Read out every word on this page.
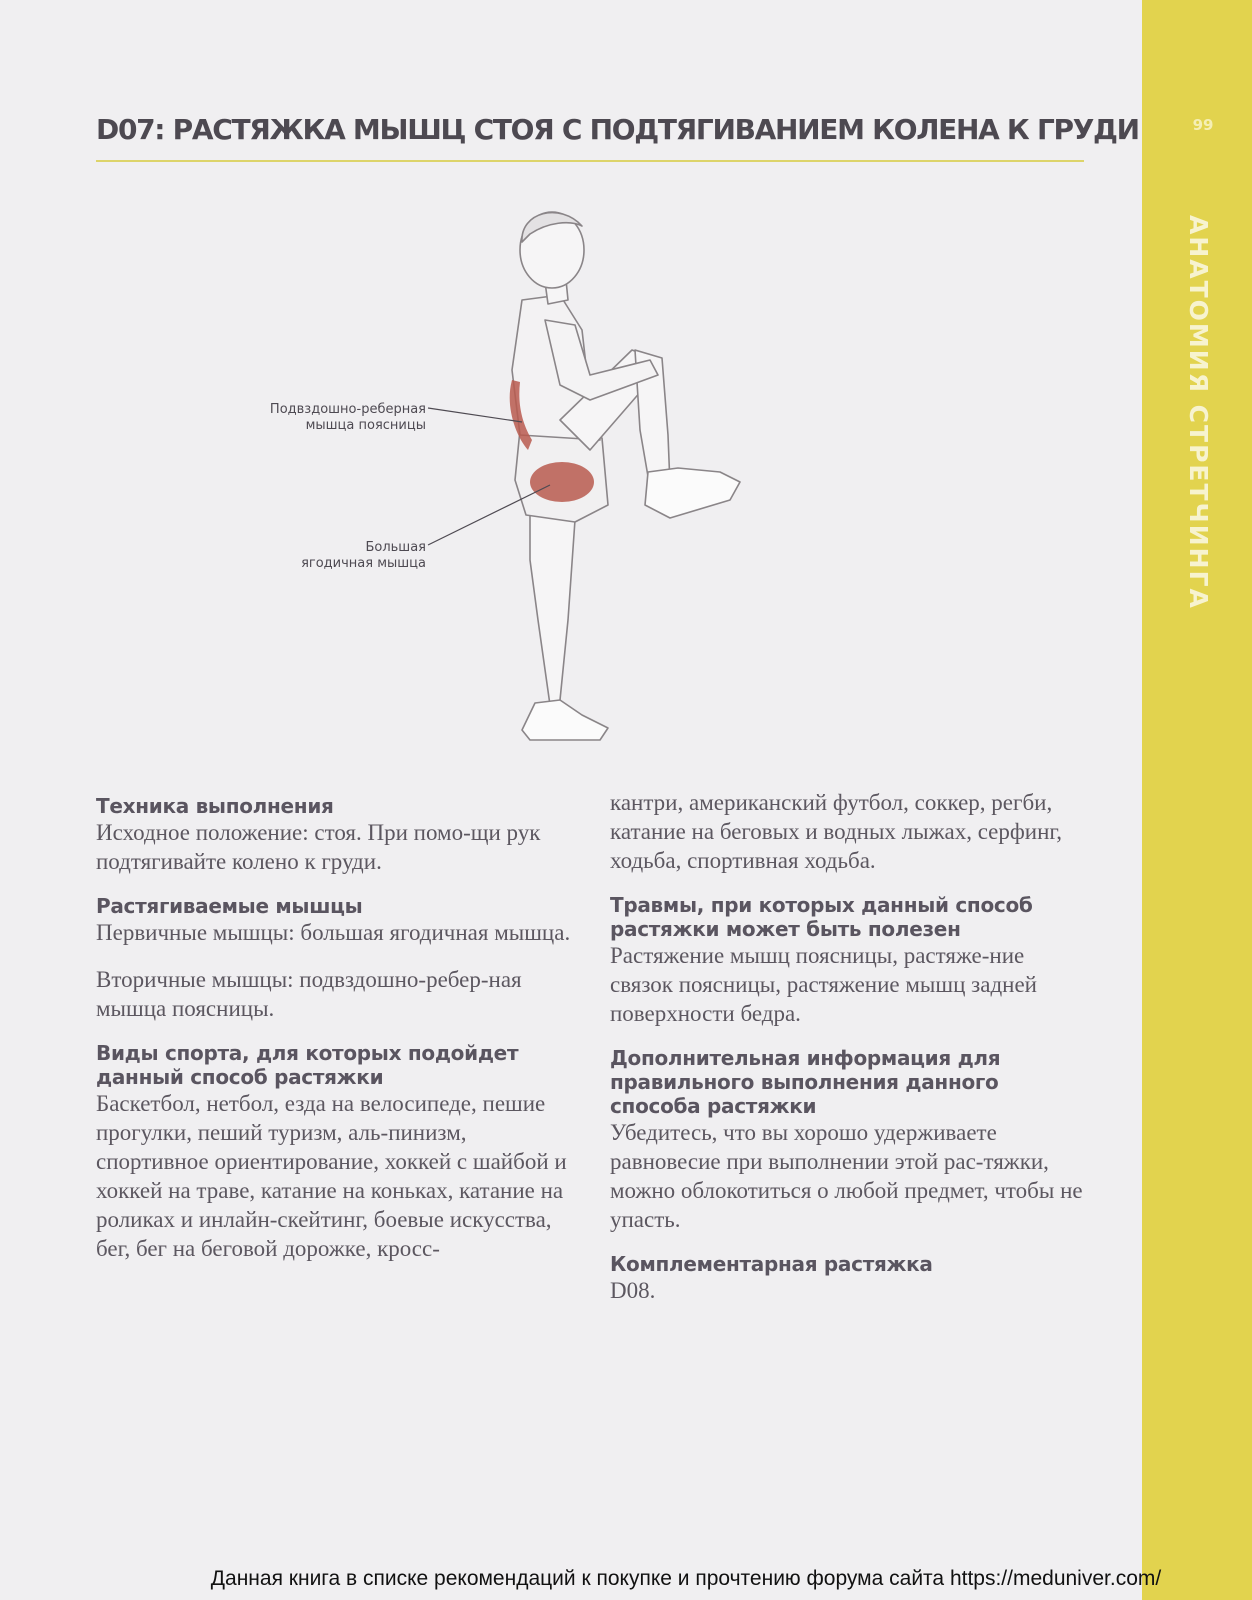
99
АНАТОМИЯ СТРЕТЧИНГА
D07: РАСТЯЖКА МЫШЦ СТОЯ С ПОДТЯГИВАНИЕМ КОЛЕНА К ГРУДИ
Подвздошно-реберная
мышца поясницы
Большая
ягодичная мышца
Техника выполнения

Исходное положение: стоя. При помо-щи рук подтягивайте колено к груди.

Растягиваемые мышцы

Первичные мышцы: большая ягодичная мышца.

Вторичные мышцы: подвздошно-ребер-ная мышца поясницы.

Виды спорта, для которых подойдет данный способ растяжки

Баскетбол, нетбол, езда на велосипеде, пешие прогулки, пеший туризм, аль-пинизм, спортивное ориентирование, хоккей с шайбой и хоккей на траве, катание на коньках, катание на роликах и инлайн-скейтинг, боевые искусства, бег, бег на беговой дорожке, кросс-

кантри, американский футбол, соккер, регби, катание на беговых и водных лыжах, серфинг, ходьба, спортивная ходьба.

Травмы, при которых данный способ растяжки может быть полезен

Растяжение мышц поясницы, растяже-ние связок поясницы, растяжение мышц задней поверхности бедра.

Дополнительная информация для правильного выполнения данного способа растяжки

Убедитесь, что вы хорошо удерживаете равновесие при выполнении этой рас-тяжки, можно облокотиться о любой предмет, чтобы не упасть.

Комплементарная растяжка

D08.

Данная книга в списке рекомендаций к покупке и прочтению форума сайта https://meduniver.com/
